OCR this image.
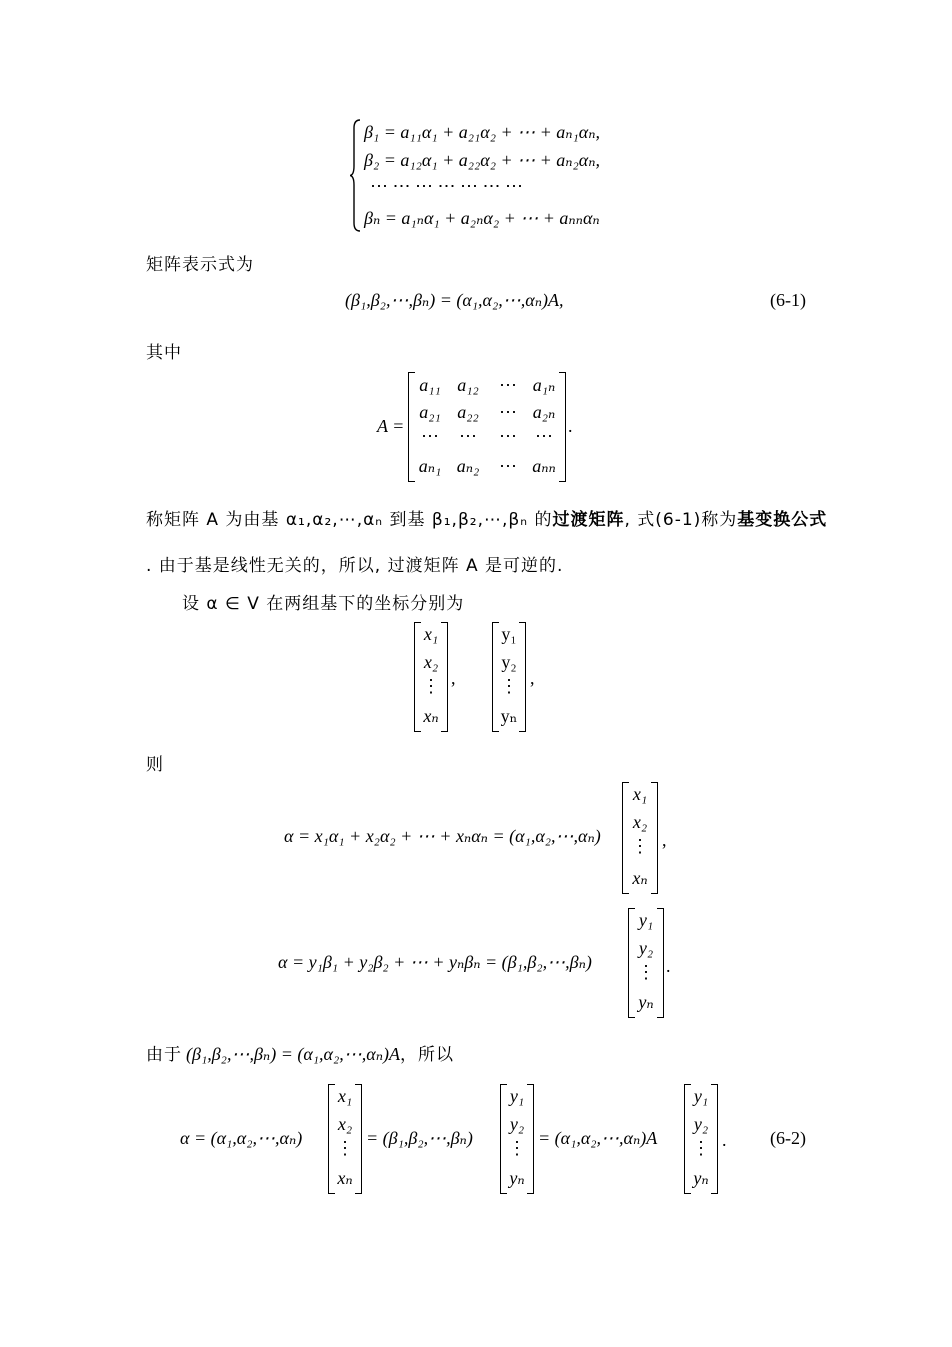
β₁ = a₁₁α₁ + a₂₁α₂ + ⋯ + aₙ₁αₙ,
β₂ = a₁₂α₁ + a₂₂α₂ + ⋯ + aₙ₂αₙ,
⋯ ⋯ ⋯ ⋯ ⋯ ⋯ ⋯
βₙ = a₁ₙα₁ + a₂ₙα₂ + ⋯ + aₙₙαₙ
矩阵表示式为
(β₁,β₂,⋯,βₙ) = (α₁,α₂,⋯,αₙ)A,	(6-1)
其中
A =
a₁₁ a₁₂	⋯ a₁ₙ
a₂₁ a₂₂	⋯ a₂ₙ
⋯	⋯	⋯	⋯
aₙ₁ aₙ₂	⋯ aₙₙ
.
称矩阵 A 为由基 α₁,α₂,⋯,αₙ 到基 β₁,β₂,⋯,βₙ 的过渡矩阵, 式(6-1)称为基变换公式
. 由于基是线性无关的，所以, 过渡矩阵 A 是可逆的.
设 α ∈ V 在两组基下的坐标分别为
x₁
x₂
⋮
xₙ
,
y₁
y₂
⋮
yₙ
,
则
α = x₁α₁ + x₂α₂ + ⋯ + xₙαₙ = (α₁,α₂,⋯,αₙ)
x₁
x₂
⋮
xₙ
,
α = y₁β₁ + y₂β₂ + ⋯ + yₙβₙ = (β₁,β₂,⋯,βₙ)
y₁
y₂
⋮
yₙ
.
由于 (β₁,β₂,⋯,βₙ) = (α₁,α₂,⋯,αₙ)A，所以
α = (α₁,α₂,⋯,αₙ)
x₁
x₂
⋮
xₙ
= (β₁,β₂,⋯,βₙ)
y₁
y₂
⋮
yₙ
= (α₁,α₂,⋯,αₙ)A
y₁
y₂
⋮
yₙ
. (6-2)
